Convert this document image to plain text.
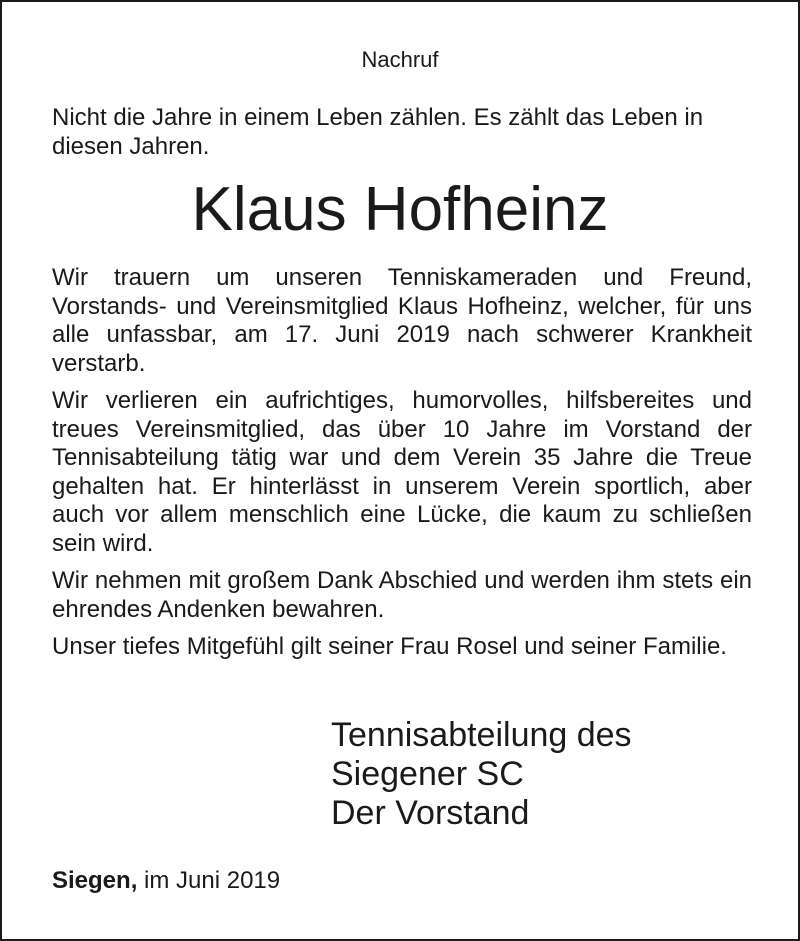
Nachruf
Nicht die Jahre in einem Leben zählen. Es zählt das Leben in diesen Jahren.
Klaus Hofheinz

Wir trauern um unseren Tenniskameraden und Freund, Vorstands- und Vereinsmitglied Klaus Hofheinz, welcher, für uns alle unfassbar, am 17. Juni 2019 nach schwerer Krankheit verstarb.

Wir verlieren ein aufrichtiges, humorvolles, hilfsbereites und treues Vereinsmitglied, das über 10 Jahre im Vorstand der Tennisabteilung tätig war und dem Verein 35 Jahre die Treue gehalten hat. Er hinterlässt in unserem Verein sportlich, aber auch vor allem menschlich eine Lücke, die kaum zu schließen sein wird.

Wir nehmen mit großem Dank Abschied und werden ihm stets ein ehrendes Andenken bewahren.

Unser tiefes Mitgefühl gilt seiner Frau Rosel und seiner Familie.

Tennisabteilung des
Siegener SC
Der Vorstand
Siegen, im Juni 2019
